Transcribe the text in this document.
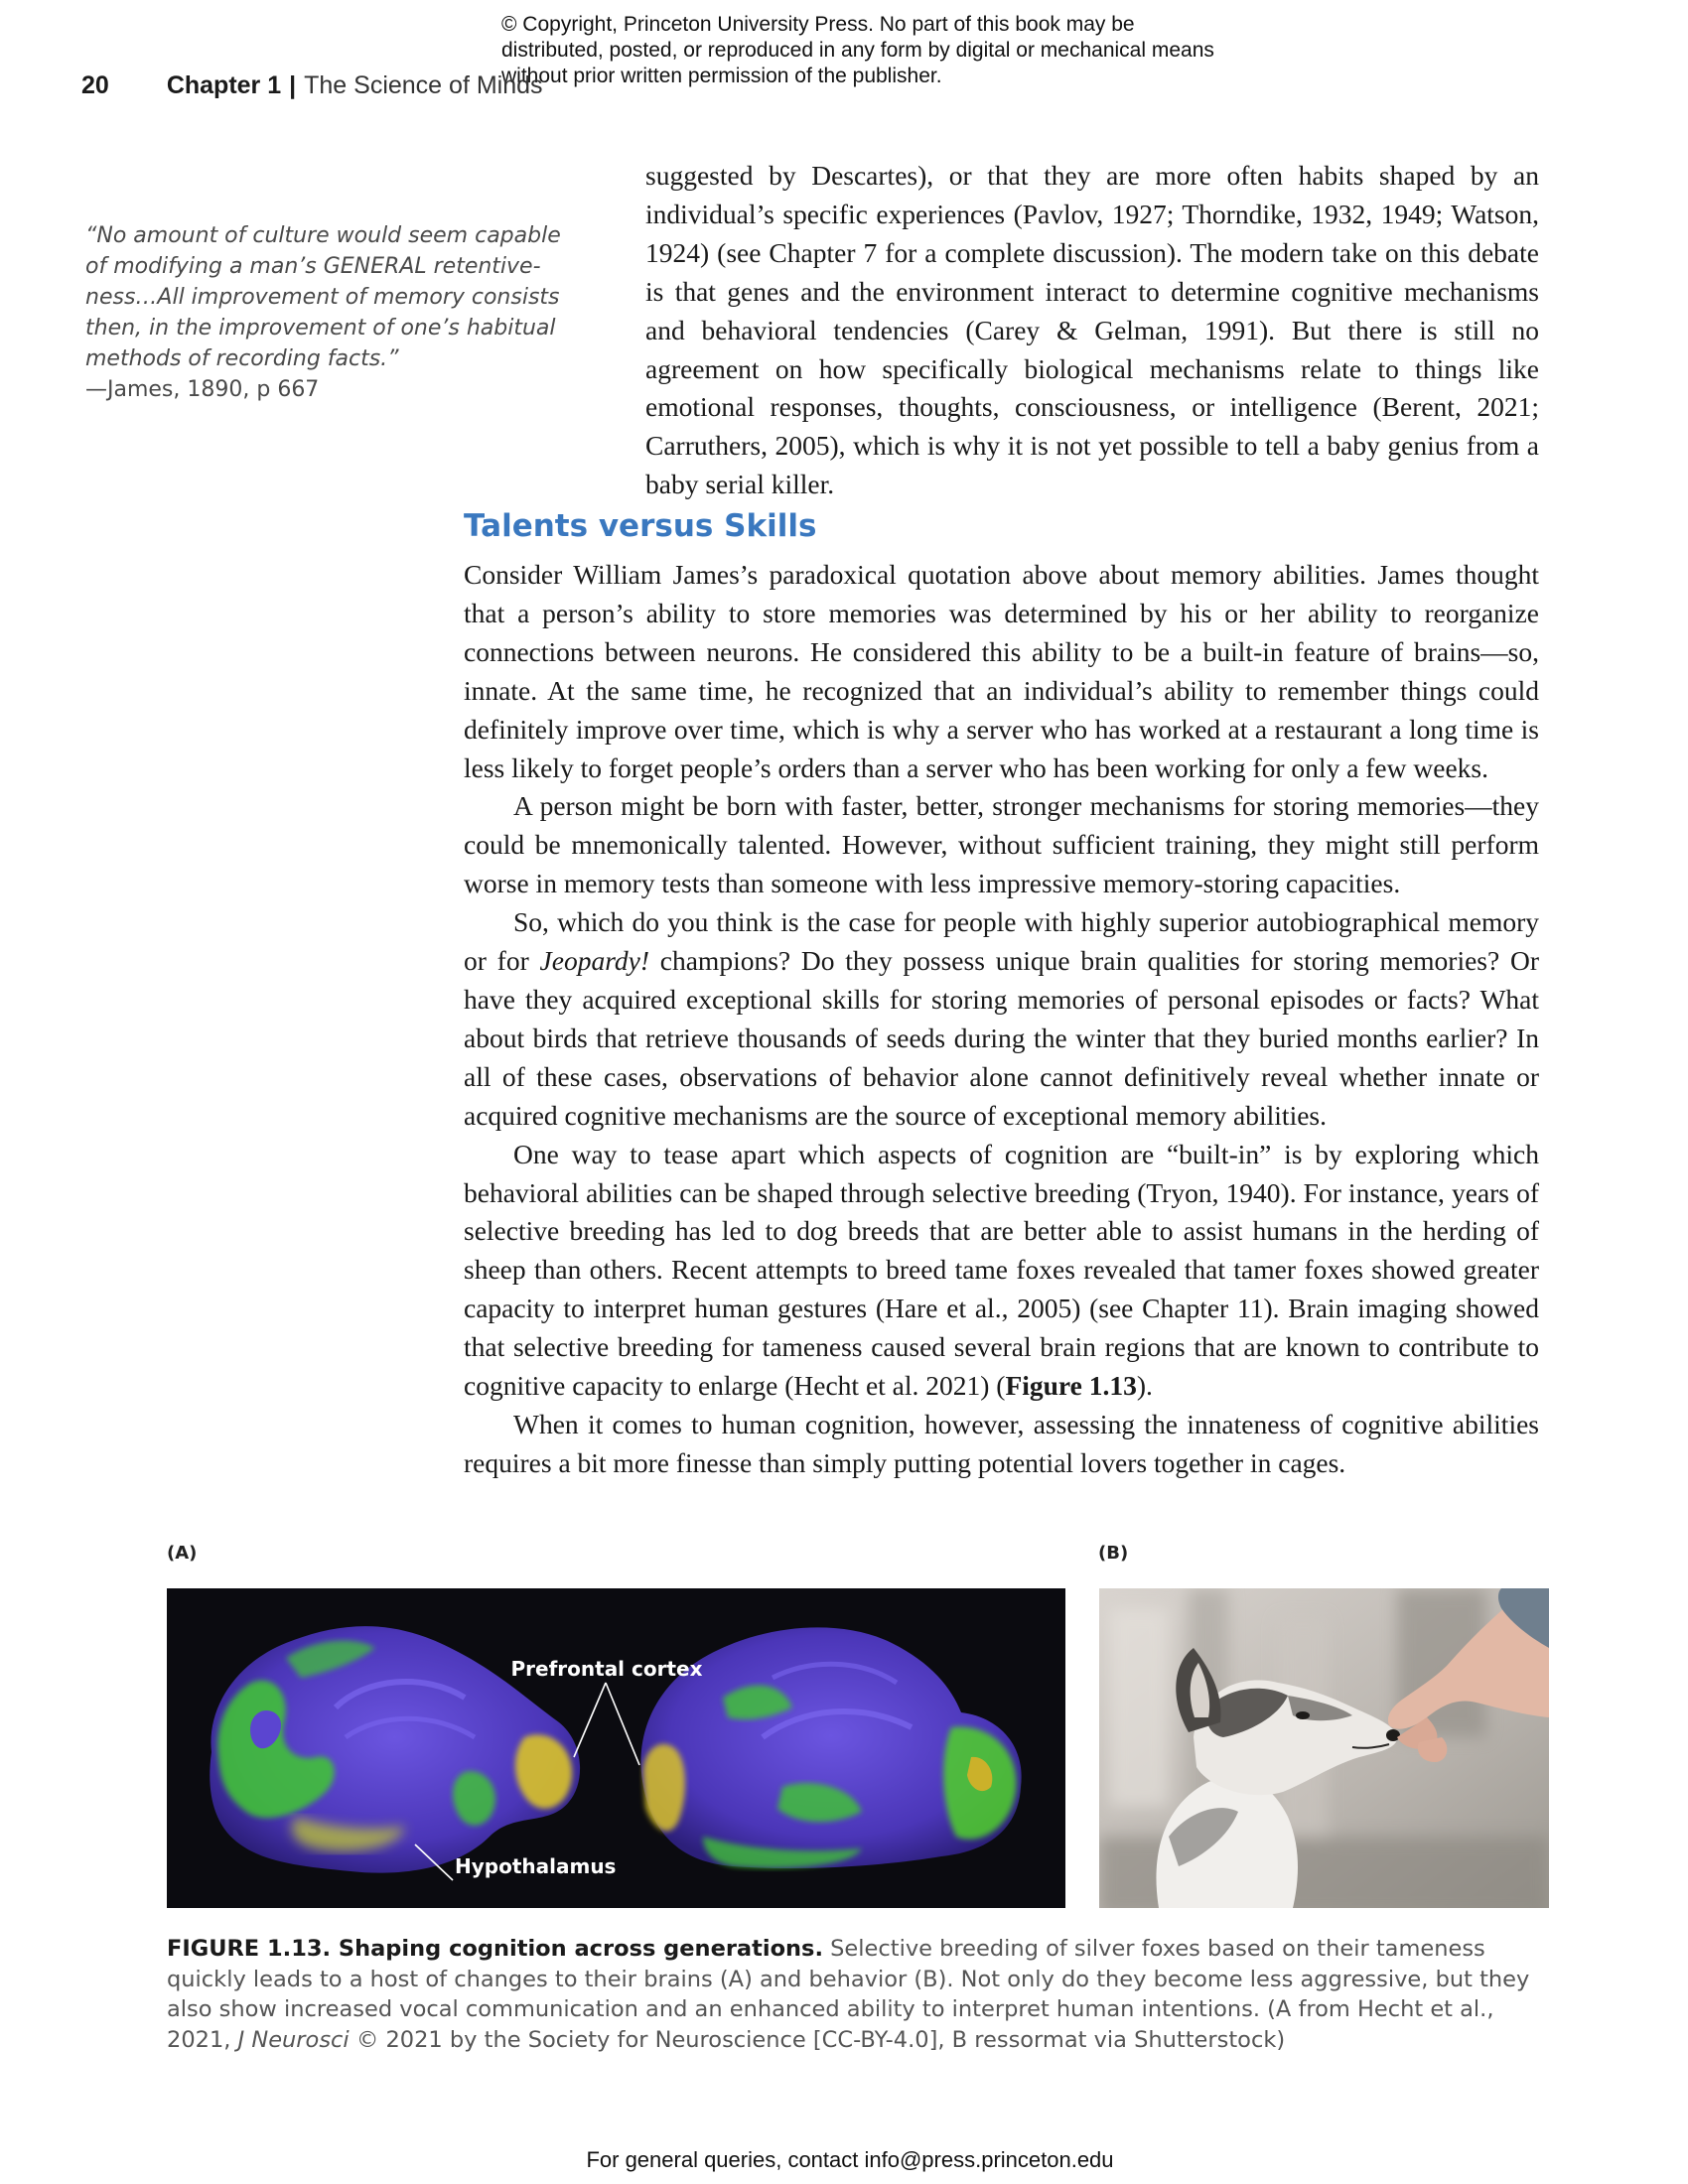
© Copyright, Princeton University Press. No part of this book may be distributed, posted, or reproduced in any form by digital or mechanical means without prior written permission of the publisher.
20 Chapter 1 | The Science of Minds
“No amount of culture would seem capable of modifying a man’s GENERAL retentive-ness…All improvement of memory consists then, in the improvement of one’s habitual methods of recording facts.”
—James, 1890, p 667

suggested by Descartes), or that they are more often habits shaped by an individual’s specific experiences (Pavlov, 1927; Thorndike, 1932, 1949; Watson, 1924) (see Chapter 7 for a complete discussion). The modern take on this debate is that genes and the environment interact to determine cognitive mechanisms and behavioral tendencies (Carey & Gelman, 1991). But there is still no agreement on how specifically biological mechanisms relate to things like emotional responses, thoughts, consciousness, or intelligence (Berent, 2021; Carruthers, 2005), which is why it is not yet possible to tell a baby genius from a baby serial killer.

Talents versus Skills

Consider William James’s paradoxical quotation above about memory abilities. James thought that a person’s ability to store memories was determined by his or her ability to reorganize connections between neurons. He considered this ability to be a built-in feature of brains—so, innate. At the same time, he recognized that an individual’s ability to remember things could definitely improve over time, which is why a server who has worked at a restaurant a long time is less likely to forget people’s orders than a server who has been working for only a few weeks.

A person might be born with faster, better, stronger mechanisms for storing memories—they could be mnemonically talented. However, without sufficient training, they might still perform worse in memory tests than someone with less impressive memory-storing capacities.

So, which do you think is the case for people with highly superior autobiographical memory or for Jeopardy! champions? Do they possess unique brain qualities for storing memories? Or have they acquired exceptional skills for storing memories of personal episodes or facts? What about birds that retrieve thousands of seeds during the winter that they buried months earlier? In all of these cases, observations of behavior alone cannot definitively reveal whether innate or acquired cognitive mechanisms are the source of exceptional memory abilities.

One way to tease apart which aspects of cognition are “built-in” is by exploring which behavioral abilities can be shaped through selective breeding (Tryon, 1940). For instance, years of selective breeding has led to dog breeds that are better able to assist humans in the herding of sheep than others. Recent attempts to breed tame foxes revealed that tamer foxes showed greater capacity to interpret human gestures (Hare et al., 2005) (see Chapter 11). Brain imaging showed that selective breeding for tameness caused several brain regions that are known to contribute to cognitive capacity to enlarge (Hecht et al. 2021) (Figure 1.13).

When it comes to human cognition, however, assessing the innateness of cognitive abilities requires a bit more finesse than simply putting potential lovers together in cages.

(A)	(B)
Prefrontal cortex
Hypothalamus
FIGURE 1.13. Shaping cognition across generations. Selective breeding of silver foxes based on their tameness quickly leads to a host of changes to their brains (A) and behavior (B). Not only do they become less aggressive, but they also show increased vocal communication and an enhanced ability to interpret human intentions. (A from Hecht et al., 2021, J Neurosci © 2021 by the Society for Neuroscience [CC-BY-4.0], B ressormat via Shutterstock)
For general queries, contact info@press.princeton.edu
